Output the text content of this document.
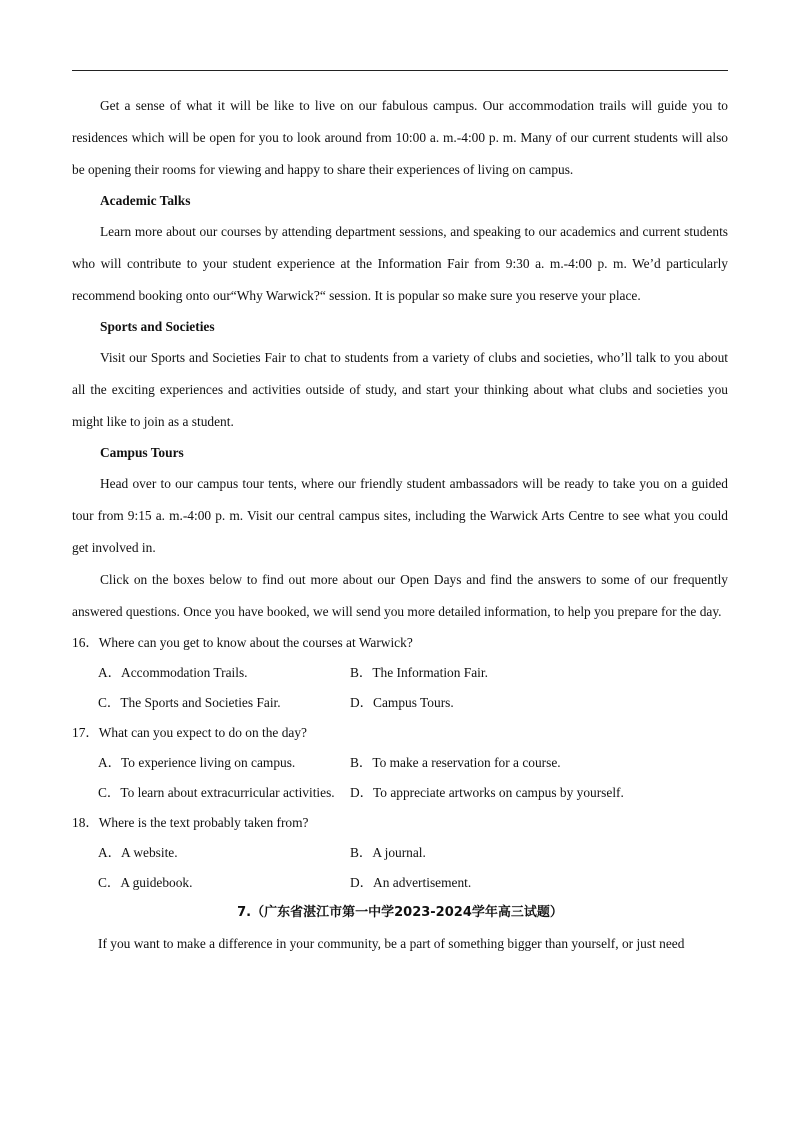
Get a sense of what it will be like to live on our fabulous campus. Our accommodation trails will guide you to residences which will be open for you to look around from 10:00 a. m.-4:00 p. m. Many of our current students will also be opening their rooms for viewing and happy to share their experiences of living on campus.

Academic Talks

Learn more about our courses by attending department sessions, and speaking to our academics and current students who will contribute to your student experience at the Information Fair from 9:30 a. m.-4:00 p. m. We’d particularly recommend booking onto our“Why Warwick?“ session. It is popular so make sure you reserve your place.

Sports and Societies

Visit our Sports and Societies Fair to chat to students from a variety of clubs and societies, who’ll talk to you about all the exciting experiences and activities outside of study, and start your thinking about what clubs and societies you might like to join as a student.

Campus Tours

Head over to our campus tour tents, where our friendly student ambassadors will be ready to take you on a guided tour from 9:15 a. m.-4:00 p. m. Visit our central campus sites, including the Warwick Arts Centre to see what you could get involved in.

Click on the boxes below to find out more about our Open Days and find the answers to some of our frequently answered questions. Once you have booked, we will send you more detailed information, to help you prepare for the day.

16．Where can you get to know about the courses at Warwick?

A．Accommodation Trails.	B．The Information Fair.
C．The Sports and Societies Fair.	D．Campus Tours.

17．What can you expect to do on the day?

A．To experience living on campus.	B．To make a reservation for a course.
C．To learn about extracurricular activities.	D．To appreciate artworks on campus by yourself.

18．Where is the text probably taken from?

A．A website.	B．A journal.
C．A guidebook.	D．An advertisement.

7.（广东省湛江市第一中学2023-2024学年高三试题）

If you want to make a difference in your community, be a part of something bigger than yourself, or just need
